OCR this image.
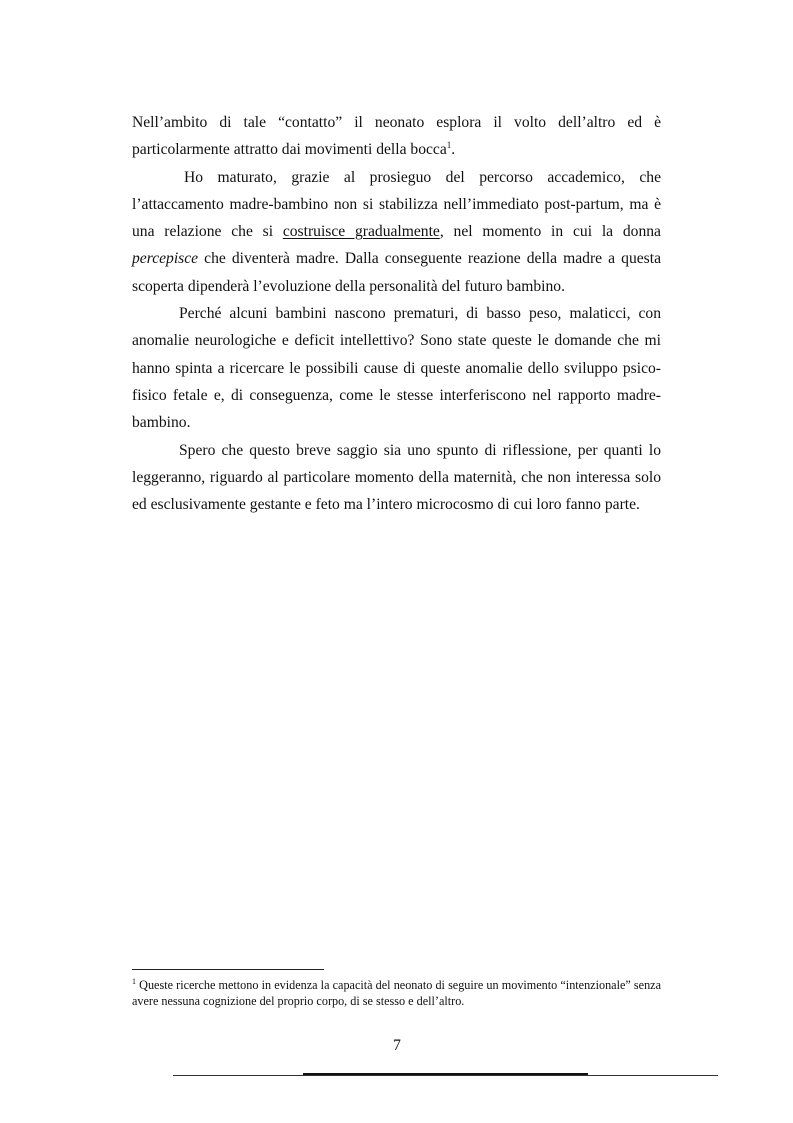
Nell’ambito di tale “contatto” il neonato esplora il volto dell’altro ed è particolarmente attratto dai movimenti della bocca$^1$.

Ho maturato, grazie al prosieguo del percorso accademico, che l’attaccamento madre-bambino non si stabilizza nell’immediato post-partum, ma è una relazione che si costruisce gradualmente, nel momento in cui la donna percepisce che diventerà madre. Dalla conseguente reazione della madre a questa scoperta dipenderà l’evoluzione della personalità del futuro bambino.

Perché alcuni bambini nascono prematuri, di basso peso, malaticci, con anomalie neurologiche e deficit intellettivo? Sono state queste le domande che mi hanno spinta a ricercare le possibili cause di queste anomalie dello sviluppo psico-fisico fetale e, di conseguenza, come le stesse interferiscono nel rapporto madre-bambino.

Spero che questo breve saggio sia uno spunto di riflessione, per quanti lo leggeranno, riguardo al particolare momento della maternità, che non interessa solo ed esclusivamente gestante e feto ma l’intero microcosmo di cui loro fanno parte.

$^1$ Queste ricerche mettono in evidenza la capacità del neonato di seguire un movimento “intenzionale” senza avere nessuna cognizione del proprio corpo, di se stesso e dell’altro.
7
